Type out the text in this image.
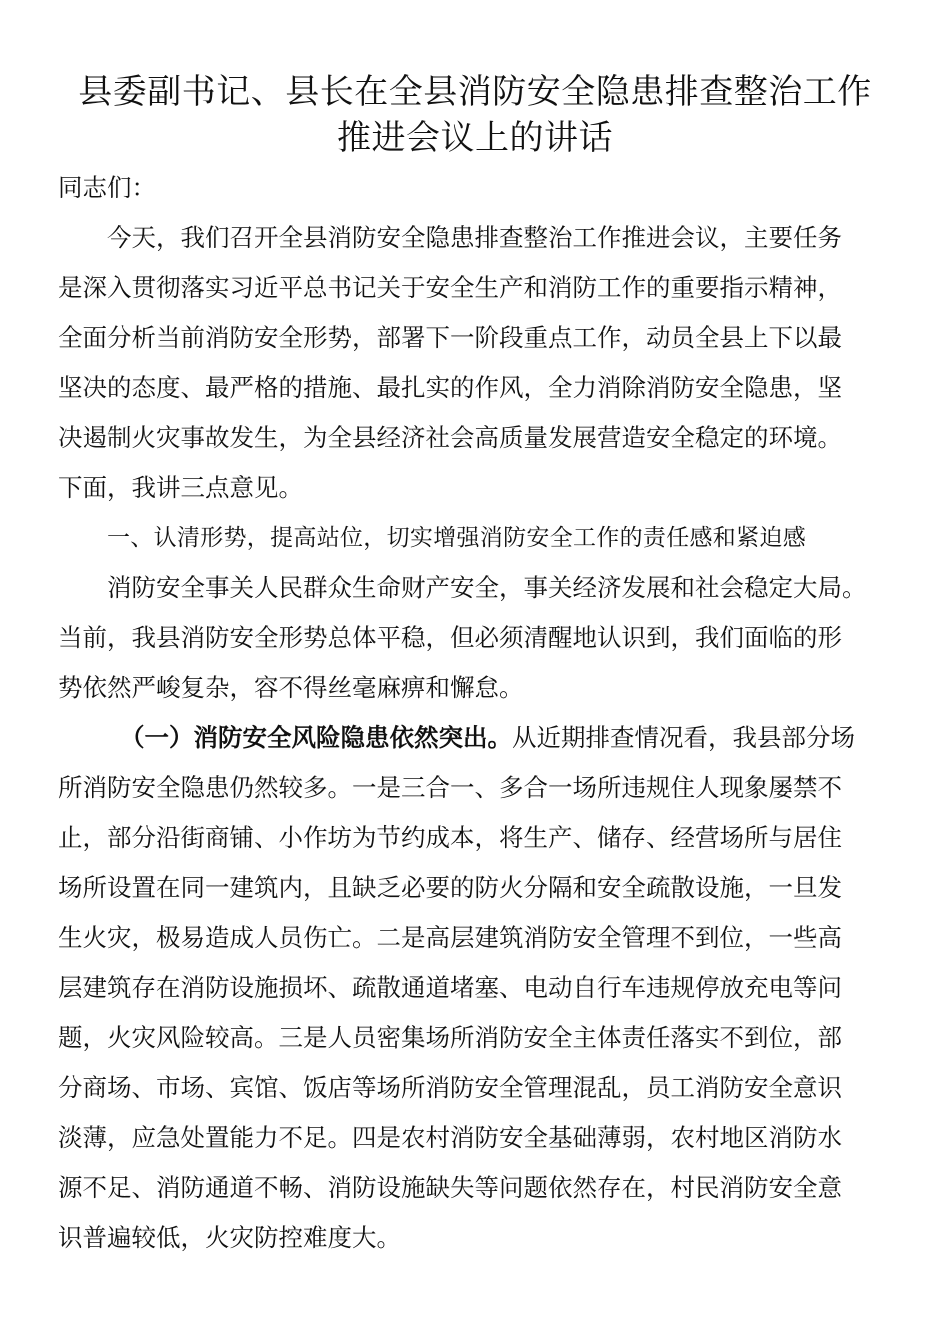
县委副书记、县长在全县消防安全隐患排查整治工作
推进会议上的讲话

同志们：

今天，我们召开全县消防安全隐患排查整治工作推进会议，主要任务

是深入贯彻落实习近平总书记关于安全生产和消防工作的重要指示精神，

全面分析当前消防安全形势，部署下一阶段重点工作，动员全县上下以最

坚决的态度、最严格的措施、最扎实的作风，全力消除消防安全隐患，坚

决遏制火灾事故发生，为全县经济社会高质量发展营造安全稳定的环境。

下面，我讲三点意见。

一、认清形势，提高站位，切实增强消防安全工作的责任感和紧迫感

消防安全事关人民群众生命财产安全，事关经济发展和社会稳定大局。

当前，我县消防安全形势总体平稳，但必须清醒地认识到，我们面临的形

势依然严峻复杂，容不得丝毫麻痹和懈怠。

（一）消防安全风险隐患依然突出。从近期排查情况看，我县部分场

所消防安全隐患仍然较多。一是三合一、多合一场所违规住人现象屡禁不

止，部分沿街商铺、小作坊为节约成本，将生产、储存、经营场所与居住

场所设置在同一建筑内，且缺乏必要的防火分隔和安全疏散设施，一旦发

生火灾，极易造成人员伤亡。二是高层建筑消防安全管理不到位，一些高

层建筑存在消防设施损坏、疏散通道堵塞、电动自行车违规停放充电等问

题，火灾风险较高。三是人员密集场所消防安全主体责任落实不到位，部

分商场、市场、宾馆、饭店等场所消防安全管理混乱，员工消防安全意识

淡薄，应急处置能力不足。四是农村消防安全基础薄弱，农村地区消防水

源不足、消防通道不畅、消防设施缺失等问题依然存在，村民消防安全意

识普遍较低，火灾防控难度大。
